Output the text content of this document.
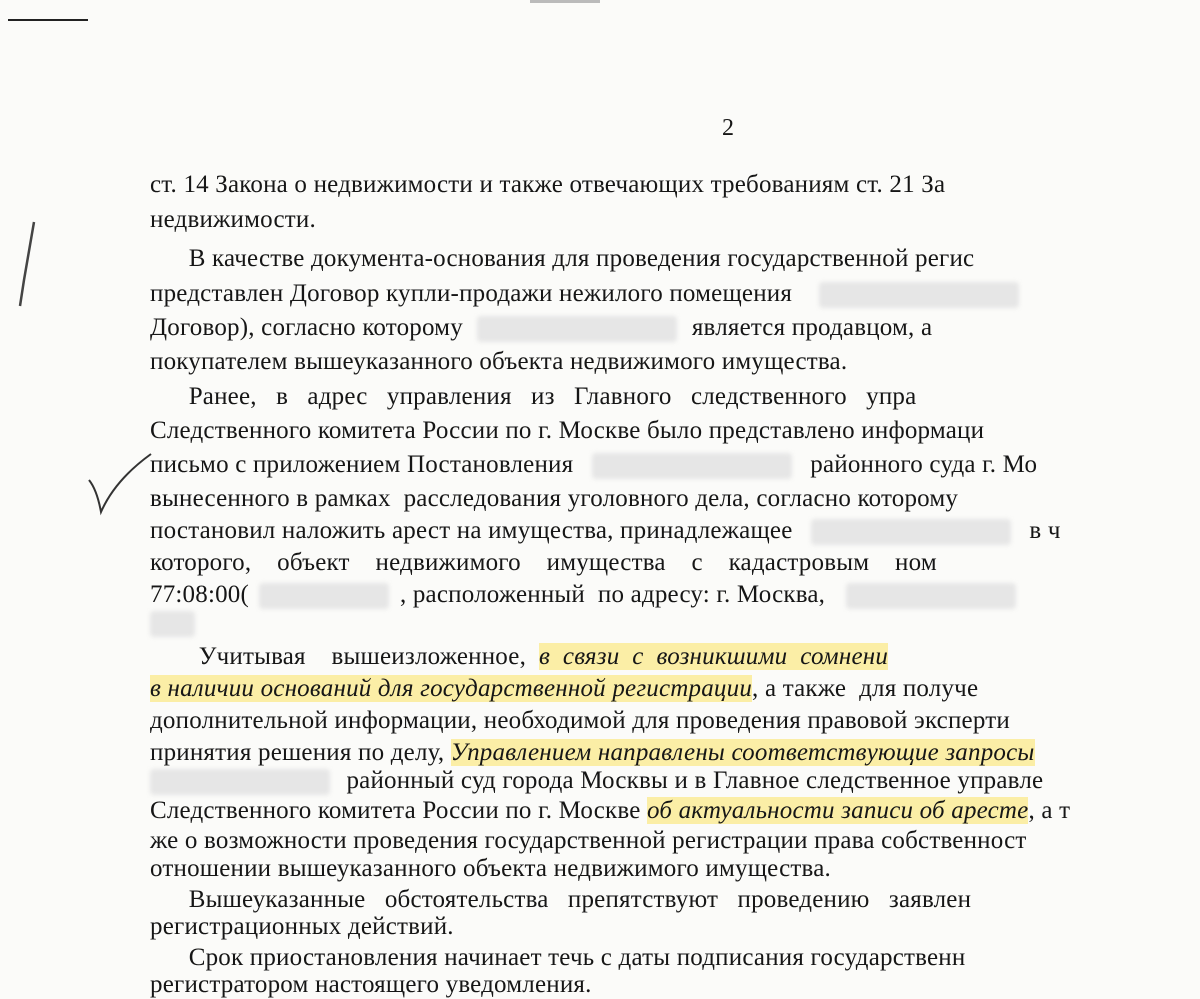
2
ст. 14 Закона о недвижимости и также отвечающих требованиям ст. 21 За
недвижимости.
В качестве документа-основания для проведения государственной регис
представлен Договор купли-продажи нежилого помещения
Договор), согласно которому	является продавцом, а
покупателем вышеуказанного объекта недвижимого имущества.
Ранее,   в   адрес   управления   из   Главного   следственного   упра
Следственного комитета России по г. Москве было представлено информаци
письмо с приложением Постановления	районного суда г. Мо
вынесенного в рамках  расследования уголовного дела, согласно которому
постановил наложить арест на имущества, принадлежащее	в ч
которого,    объект    недвижимого    имущества    с    кадастровым    ном
77:08:00(	, расположенный  по адресу: г. Москва,
Учитывая    вышеизложенное,  в  связи  с  возникшими  сомнени
в наличии оснований для государственной регистрации, а также  для получе
дополнительной информации, необходимой для проведения правовой эксперти
принятия решения по делу, Управлением направлены соответствующие запросы
районный суд города Москвы и в Главное следственное управле
Следственного комитета России по г. Москве об актуальности записи об аресте, а т
же о возможности проведения государственной регистрации права собственност
отношении вышеуказанного объекта недвижимого имущества.
Вышеуказанные   обстоятельства   препятствуют   проведению   заявлен
регистрационных действий.
Срок приостановления начинает течь с даты подписания государственн
регистратором настоящего уведомления.
